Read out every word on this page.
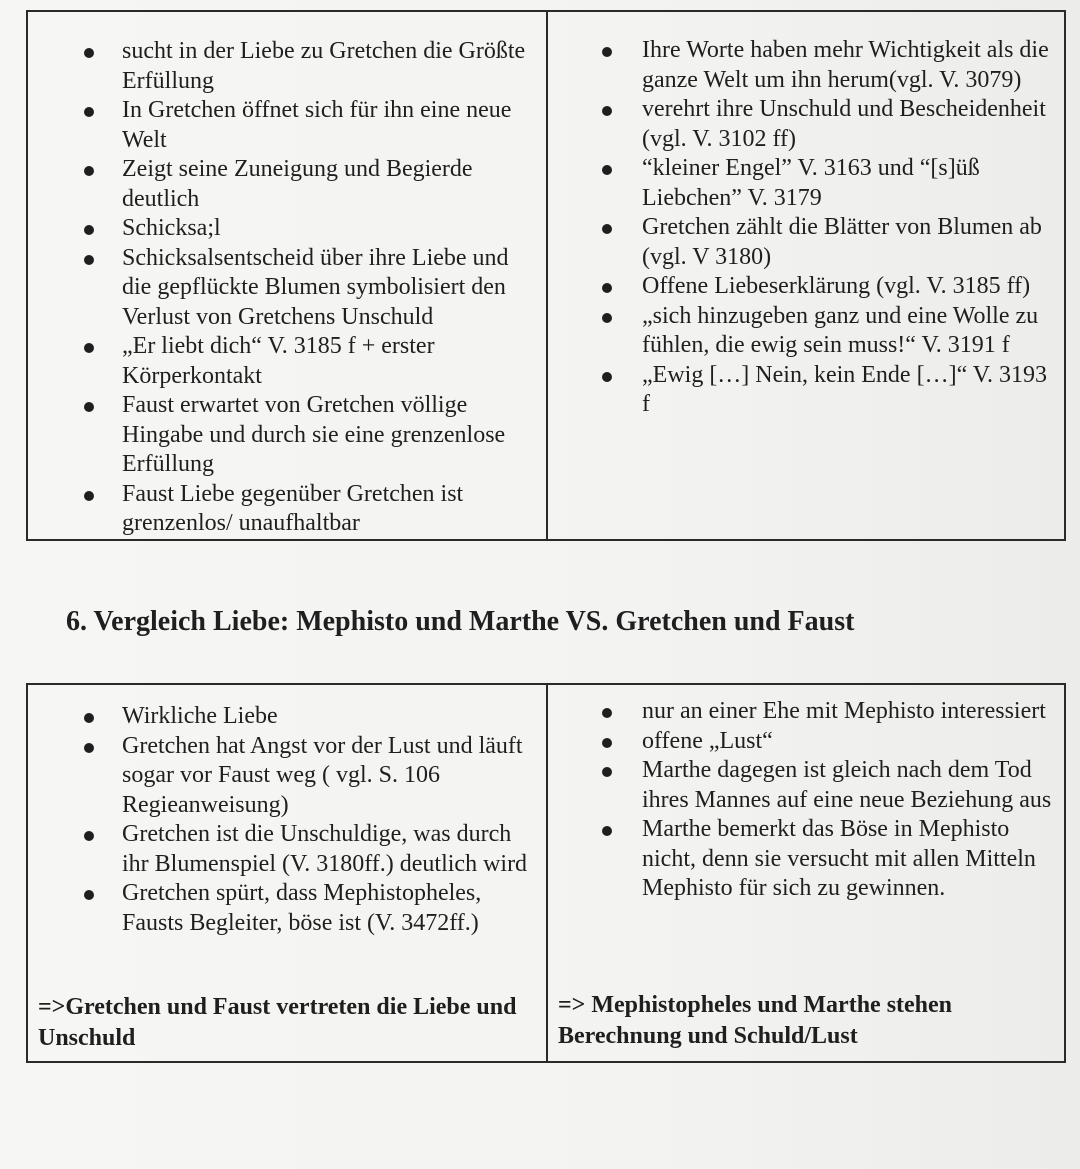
sucht in der Liebe zu Gretchen die Größte Erfüllung
In Gretchen öffnet sich für ihn eine neue Welt
Zeigt seine Zuneigung und Begierde deutlich
Schicksa;l
Schicksalsentscheid über ihre Liebe und die gepflückte Blumen symbolisiert den Verlust von Gretchens Unschuld
„Er liebt dich“ V. 3185 f + erster Körperkontakt
Faust erwartet von Gretchen völlige Hingabe und durch sie eine grenzenlose Erfüllung
Faust Liebe gegenüber Gretchen ist grenzenlos/ unaufhaltbar

Ihre Worte haben mehr Wichtigkeit als die ganze Welt um ihn herum(vgl. V. 3079)
verehrt ihre Unschuld und Bescheidenheit (vgl. V. 3102 ff)
“kleiner Engel” V. 3163 und “[s]üß Liebchen” V. 3179
Gretchen zählt die Blätter von Blumen ab (vgl. V 3180)
Offene Liebeserklärung (vgl. V. 3185 ff)
„sich hinzugeben ganz und eine Wolle zu fühlen, die ewig sein muss!“ V. 3191 f
„Ewig […] Nein, kein Ende […]“ V. 3193 f
6. Vergleich Liebe: Mephisto und Marthe VS. Gretchen und Faust
Wirkliche Liebe
Gretchen hat Angst vor der Lust und läuft sogar vor Faust weg ( vgl. S. 106 Regieanweisung)
Gretchen ist die Unschuldige, was durch ihr Blumenspiel (V. 3180ff.) deutlich wird
Gretchen spürt, dass Mephistopheles, Fausts Begleiter, böse ist (V. 3472ff.)
=>Gretchen und Faust vertreten die Liebe und Unschuld

nur an einer Ehe mit Mephisto interessiert
offene „Lust“
Marthe dagegen ist gleich nach dem Tod ihres Mannes auf eine neue Beziehung aus
Marthe bemerkt das Böse in Mephisto nicht, denn sie versucht mit allen Mitteln Mephisto für sich zu gewinnen.
=> Mephistopheles und Marthe stehen Berechnung und Schuld/Lust
